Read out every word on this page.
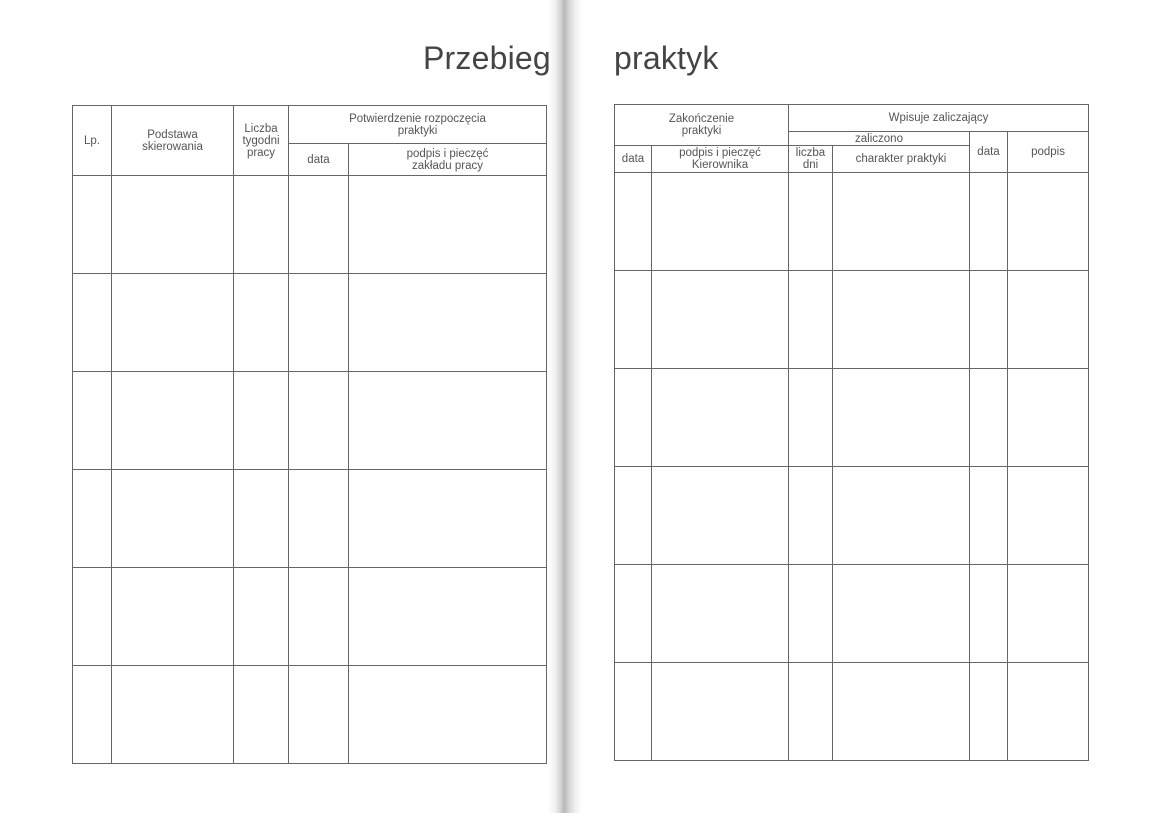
Przebieg praktyk
Lp.	Podstawa skierowania	Liczba tygodni pracy	Potwierdzenie rozpoczęcia praktyki	
			data	podpis i pieczęć zakładu pracy

Zakończenie praktyki		Wpisuje zaliczający			
		zaliczono		data	podpis
data	podpis i pieczęć Kierownika	liczba dni	charakter praktyki		
